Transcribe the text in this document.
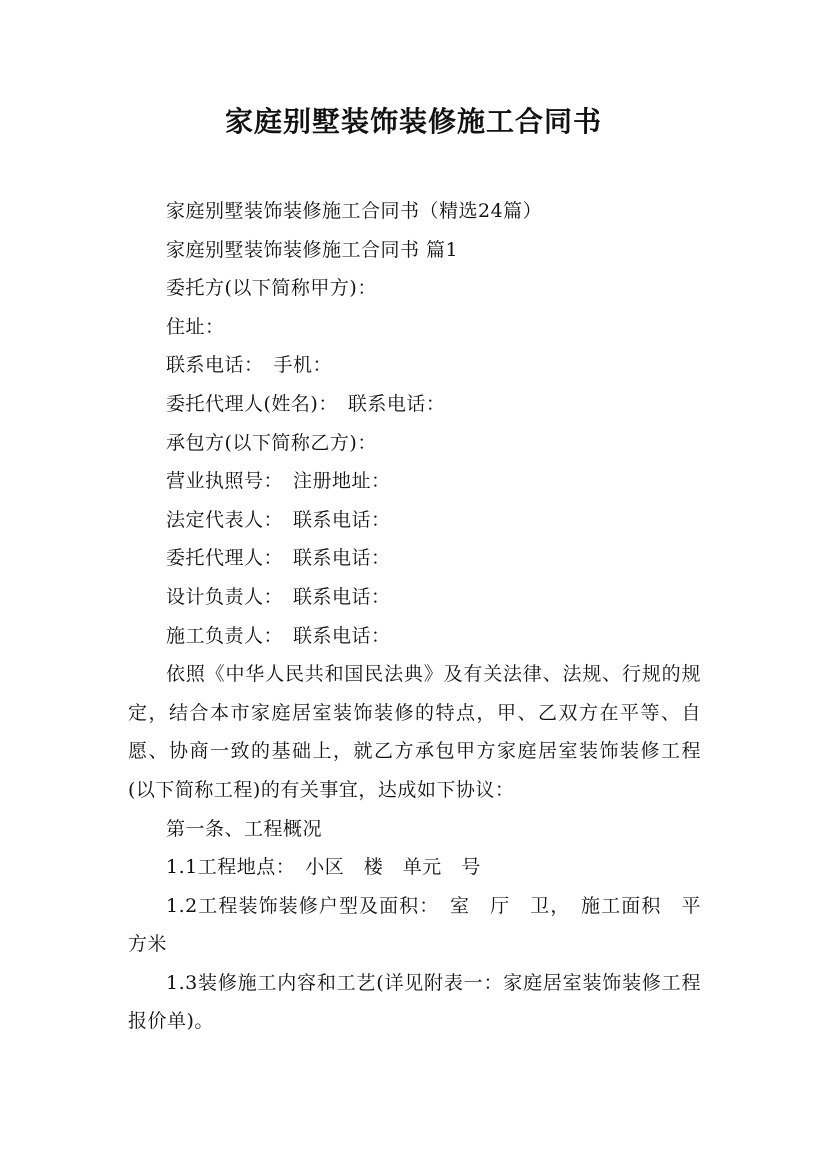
家庭别墅装饰装修施工合同书

家庭别墅装饰装修施工合同书（精选24篇）

家庭别墅装饰装修施工合同书 篇1

委托方(以下简称甲方)：

住址：

联系电话：　手机：

委托代理人(姓名)：　联系电话：

承包方(以下简称乙方)：

营业执照号：　注册地址：

法定代表人：　联系电话：

委托代理人：　联系电话：

设计负责人：　联系电话：

施工负责人：　联系电话：

依照《中华人民共和国民法典》及有关法律、法规、行规的规定，结合本市家庭居室装饰装修的特点，甲、乙双方在平等、自愿、协商一致的基础上，就乙方承包甲方家庭居室装饰装修工程(以下简称工程)的有关事宜，达成如下协议：

第一条、工程概况

1.1工程地点：　小区　楼　单元　号

1.2工程装饰装修户型及面积：　室　厅　卫，　施工面积　平方米

1.3装修施工内容和工艺(详见附表一：家庭居室装饰装修工程报价单)。
